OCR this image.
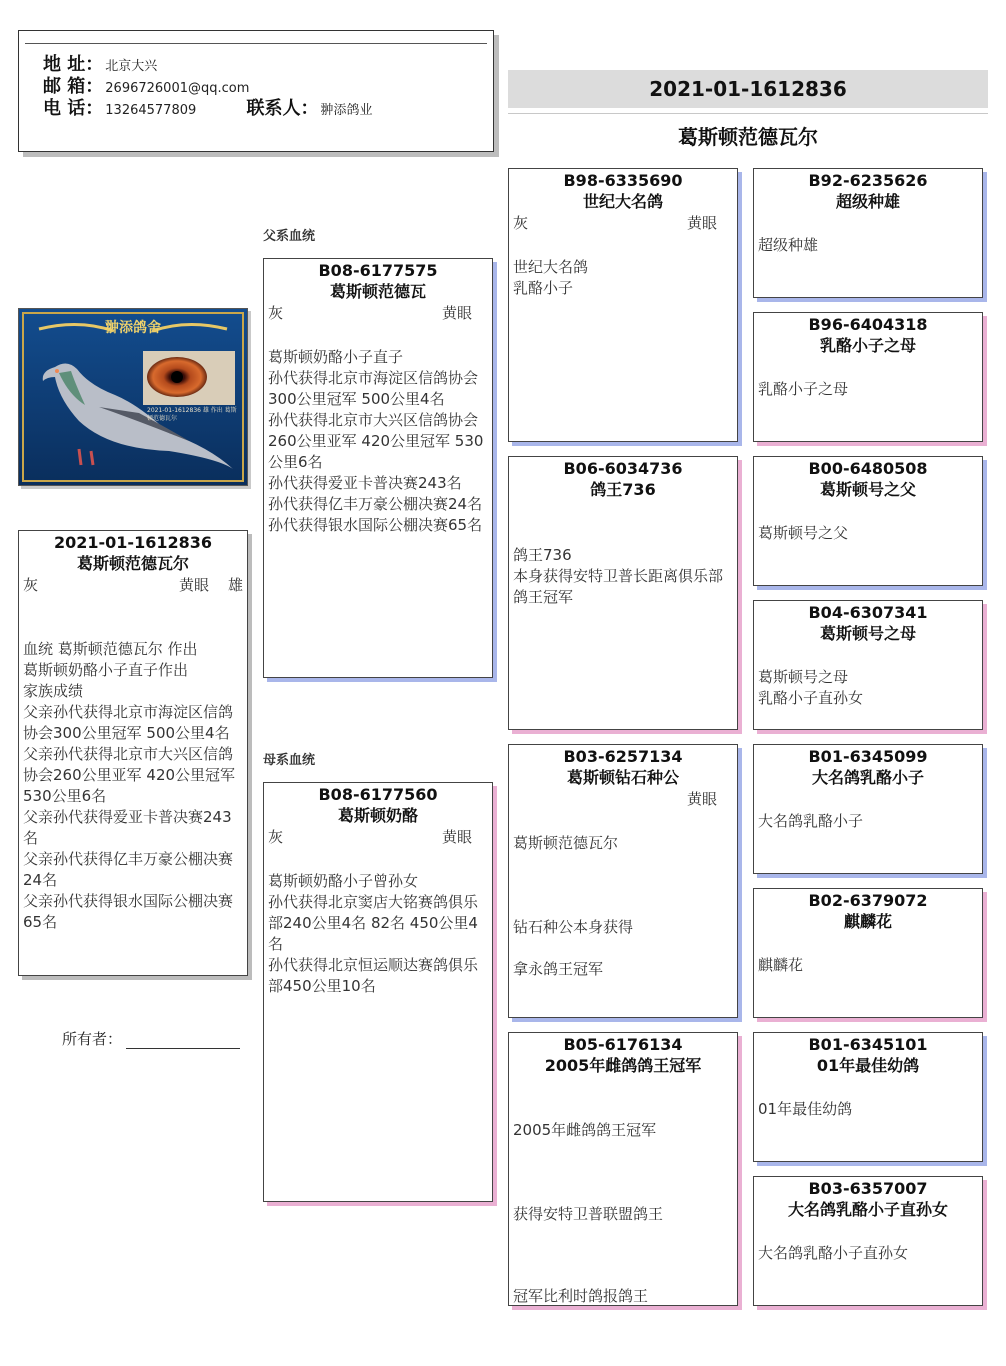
地 址： 北京大兴
邮 箱： 2696726001@qq.com
电 话： 13264577809	联系人： 翀添鸽业
2021-01-1612836
葛斯顿范德瓦尔
父系血统
母系血统
翀添鸽舍
2021-01-1612836 雄 作出 葛斯顿范德瓦尔
2021-01-1612836
葛斯顿范德瓦尔
灰	黄眼 雄

血统 葛斯顿范德瓦尔 作出

葛斯顿奶酪小子直子作出

家族成绩

父亲孙代获得北京市海淀区信鸽协会300公里冠军 500公里4名

父亲孙代获得北京市大兴区信鸽协会260公里亚军 420公里冠军 530公里6名

父亲孙代获得爱亚卡普决赛243名

父亲孙代获得亿丰万豪公棚决赛24名

父亲孙代获得银水国际公棚决赛65名

所有者：
B08-6177575
葛斯顿范德瓦
灰	黄眼

葛斯顿奶酪小子直子

孙代获得北京市海淀区信鸽协会300公里冠军 500公里4名

孙代获得北京市大兴区信鸽协会260公里亚军 420公里冠军 530公里6名

孙代获得爱亚卡普决赛243名

孙代获得亿丰万豪公棚决赛24名

孙代获得银水国际公棚决赛65名

B08-6177560
葛斯顿奶酪
灰	黄眼

葛斯顿奶酪小子曾孙女

孙代获得北京窦店大铭赛鸽俱乐部240公里4名 82名 450公里4名

孙代获得北京恒运顺达赛鸽俱乐部450公里10名

B98-6335690
世纪大名鸽
灰	黄眼

世纪大名鸽

乳酪小子

B06-6034736
鸽王736

鸽王736

本身获得安特卫普长距离俱乐部鸽王冠军

B03-6257134
葛斯顿钻石种公
黄眼

葛斯顿范德瓦尔

钻石种公本身获得

拿永鸽王冠军

B05-6176134
2005年雌鸽鸽王冠军

2005年雌鸽鸽王冠军

获得安特卫普联盟鸽王

冠军比利时鸽报鸽王

B92-6235626
超级种雄

超级种雄

B96-6404318
乳酪小子之母

乳酪小子之母

B00-6480508
葛斯顿号之父

葛斯顿号之父

B04-6307341
葛斯顿号之母

葛斯顿号之母

乳酪小子直孙女

B01-6345099
大名鸽乳酪小子

大名鸽乳酪小子

B02-6379072
麒麟花

麒麟花

B01-6345101
01年最佳幼鸽

01年最佳幼鸽

B03-6357007
大名鸽乳酪小子直孙女

大名鸽乳酪小子直孙女
